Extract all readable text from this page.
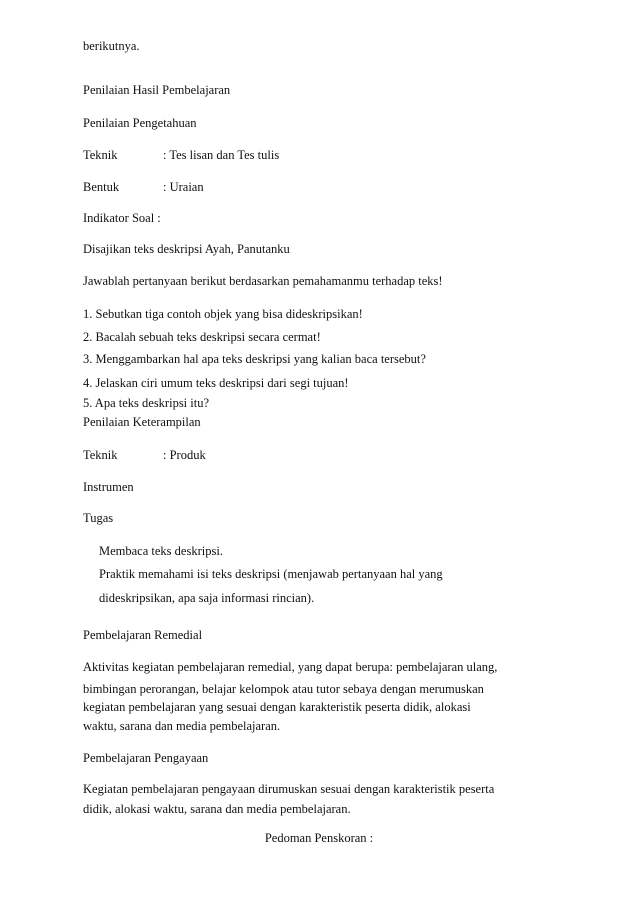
berikutnya.
Penilaian Hasil Pembelajaran
Penilaian Pengetahuan
Teknik	: Tes lisan dan Tes tulis
Bentuk	: Uraian
Indikator Soal :
Disajikan teks deskripsi Ayah, Panutanku
Jawablah pertanyaan berikut berdasarkan pemahamanmu terhadap teks!
1. Sebutkan tiga contoh objek yang bisa dideskripsikan!
2. Bacalah sebuah teks deskripsi secara cermat!
3. Menggambarkan hal apa teks deskripsi yang kalian baca tersebut?
4. Jelaskan ciri umum teks deskripsi dari segi tujuan!
5. Apa teks deskripsi itu?
Penilaian Keterampilan
Teknik	: Produk
Instrumen
Tugas
Membaca teks deskripsi.
Praktik memahami isi teks deskripsi (menjawab pertanyaan hal yang
dideskripsikan, apa saja informasi rincian).
Pembelajaran Remedial
Aktivitas kegiatan pembelajaran remedial, yang dapat berupa: pembelajaran ulang,
bimbingan perorangan, belajar kelompok atau tutor sebaya dengan merumuskan
kegiatan pembelajaran yang sesuai dengan karakteristik peserta didik, alokasi
waktu, sarana dan media pembelajaran.
Pembelajaran Pengayaan
Kegiatan pembelajaran pengayaan dirumuskan sesuai dengan karakteristik peserta
didik, alokasi waktu, sarana dan media pembelajaran.
Pedoman Penskoran :
